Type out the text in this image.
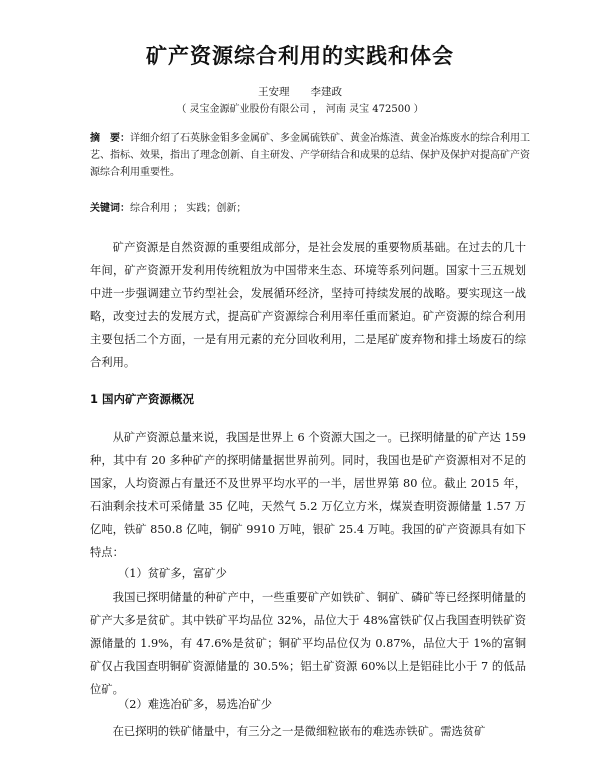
矿产资源综合利用的实践和体会
王安理　　李建政
（ 灵宝金源矿业股份有限公司 ， 河南 灵宝 472500 ）
摘　要：详细介绍了石英脉金钼多金属矿、多金属硫铁矿、黄金冶炼渣、黄金冶炼废水的综合利用工艺、指标、效果，指出了理念创新、自主研发、产学研结合和成果的总结、保护及保护对提高矿产资源综合利用重要性。
关键词：综合利用 ； 实践；创新；
矿产资源是自然资源的重要组成部分，是社会发展的重要物质基础。在过去的几十年间，矿产资源开发利用传统粗放为中国带来生态、环境等系列问题。国家十三五规划中进一步强调建立节约型社会，发展循环经济，坚持可持续发展的战略。要实现这一战略，改变过去的发展方式，提高矿产资源综合利用率任重而紧迫。矿产资源的综合利用主要包括二个方面，一是有用元素的充分回收利用，二是尾矿废弃物和排土场废石的综合利用。
1 国内矿产资源概况
从矿产资源总量来说，我国是世界上 6 个资源大国之一。已探明储量的矿产达 159 种，其中有 20 多种矿产的探明储量据世界前列。同时，我国也是矿产资源相对不足的国家，人均资源占有量还不及世界平均水平的一半，居世界第 80 位。截止 2015 年，石油剩余技术可采储量 35 亿吨，天然气 5.2 万亿立方米，煤炭查明资源储量 1.57 万亿吨，铁矿 850.8 亿吨，铜矿 9910 万吨，银矿 25.4 万吨。我国的矿产资源具有如下特点：
（1）贫矿多，富矿少
我国已探明储量的种矿产中，一些重要矿产如铁矿、铜矿、磷矿等已经探明储量的矿产大多是贫矿。其中铁矿平均品位 32%，品位大于 48%富铁矿仅占我国查明铁矿资源储量的 1.9%，有 47.6%是贫矿；铜矿平均品位仅为 0.87%，品位大于 1%的富铜矿仅占我国查明铜矿资源储量的 30.5%；铝土矿资源 60%以上是铝硅比小于 7 的低品位矿。
（2）难选冶矿多，易选冶矿少
在已探明的铁矿储量中，有三分之一是微细粒嵌布的难选赤铁矿。需选贫矿
